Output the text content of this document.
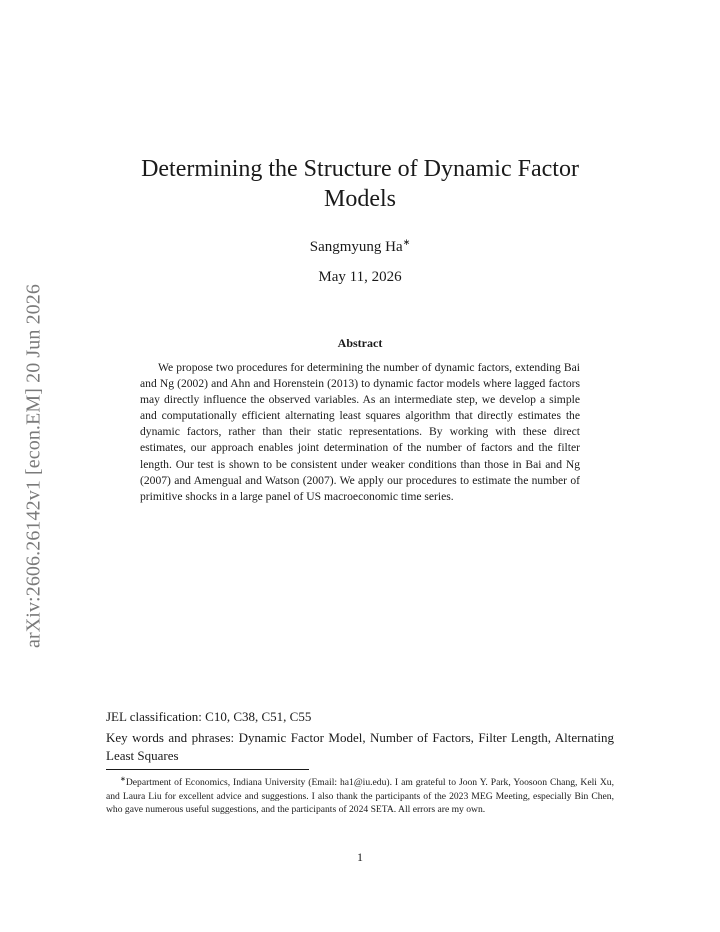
arXiv:2606.26142v1 [econ.EM] 20 Jun 2026
Determining the Structure of Dynamic Factor
Models
Sangmyung Ha∗
May 11, 2026
Abstract
We propose two procedures for determining the number of dynamic factors, extending Bai and Ng (2002) and Ahn and Horenstein (2013) to dynamic factor models where lagged factors may directly influence the observed variables. As an intermediate step, we develop a simple and computationally efficient alternating least squares algorithm that directly estimates the dynamic factors, rather than their static representations. By working with these direct estimates, our approach enables joint determination of the number of factors and the filter length. Our test is shown to be consistent under weaker conditions than those in Bai and Ng (2007) and Amengual and Watson (2007). We apply our procedures to estimate the number of primitive shocks in a large panel of US macroeconomic time series.
JEL classification: C10, C38, C51, C55
Key words and phrases: Dynamic Factor Model, Number of Factors, Filter Length, Alternating Least Squares
∗Department of Economics, Indiana University (Email: ha1@iu.edu). I am grateful to Joon Y. Park, Yoosoon Chang, Keli Xu, and Laura Liu for excellent advice and suggestions. I also thank the participants of the 2023 MEG Meeting, especially Bin Chen, who gave numerous useful suggestions, and the participants of 2024 SETA. All errors are my own.
1
